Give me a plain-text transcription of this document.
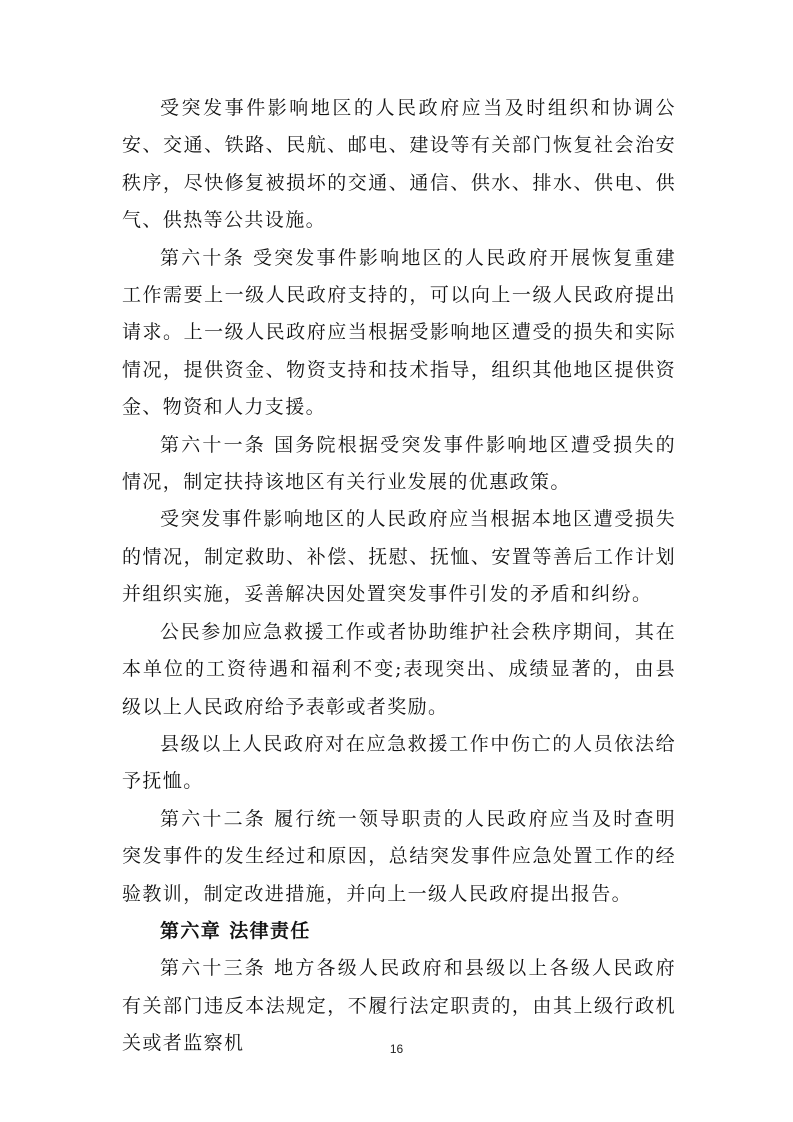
受突发事件影响地区的人民政府应当及时组织和协调公安、交通、铁路、民航、邮电、建设等有关部门恢复社会治安秩序，尽快修复被损坏的交通、通信、供水、排水、供电、供气、供热等公共设施。

第六十条 受突发事件影响地区的人民政府开展恢复重建工作需要上一级人民政府支持的，可以向上一级人民政府提出请求。上一级人民政府应当根据受影响地区遭受的损失和实际情况，提供资金、物资支持和技术指导，组织其他地区提供资金、物资和人力支援。

第六十一条 国务院根据受突发事件影响地区遭受损失的情况，制定扶持该地区有关行业发展的优惠政策。

受突发事件影响地区的人民政府应当根据本地区遭受损失的情况，制定救助、补偿、抚慰、抚恤、安置等善后工作计划并组织实施，妥善解决因处置突发事件引发的矛盾和纠纷。

公民参加应急救援工作或者协助维护社会秩序期间，其在本单位的工资待遇和福利不变;表现突出、成绩显著的，由县级以上人民政府给予表彰或者奖励。

县级以上人民政府对在应急救援工作中伤亡的人员依法给予抚恤。

第六十二条 履行统一领导职责的人民政府应当及时查明突发事件的发生经过和原因，总结突发事件应急处置工作的经验教训，制定改进措施，并向上一级人民政府提出报告。

第六章 法律责任

第六十三条 地方各级人民政府和县级以上各级人民政府有关部门违反本法规定，不履行法定职责的，由其上级行政机关或者监察机	16
